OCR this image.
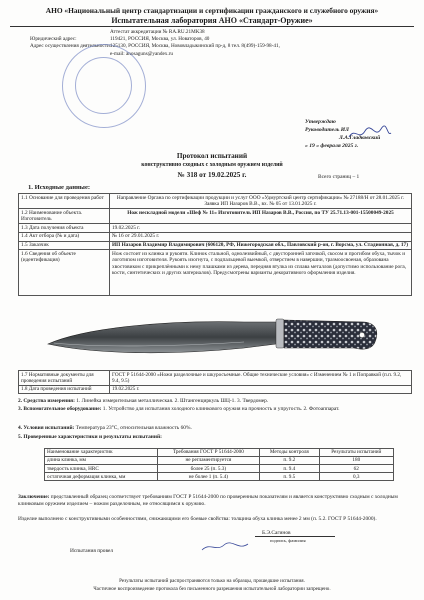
АНО «Национальный центр стандартизации и сертификации гражданского и служебного оружия»
Испытательная лаборатория АНО «Стандарт-Оружие»
Аттестат аккредитации № RA.RU.21MK38
Юридический адрес:	119421, РОССИЯ, Москва, ул. Новаторов, 40
Адрес осуществления деятельности:125130, РОССИЯ, Москва, Нововладыкинский пр-д, 8 тел. 8(499)-159-98-41,
e-mail: anosaguns@yandex.ru
Утверждаю
Руководитель ИЛ
Л.А.Гладковский
« 19 » февраля 2025 г.
Протокол испытаний
конструктивно сходных с холодным оружием изделий
№ 318 от 19.02.2025 г.	Всего страниц – 1
1. Исходные данные:
1.1 Основание для проведения работ	Направление Органа по сертификации продукции и услуг ООО «Удмуртский центр сертификации» № 27188/Н от 28.01.2025 г. Заявка ИП Назаров В.В., вх. № 05 от 13.01.2025 г.
1.2 Наименование объекта. Изготовитель	Нож нескладной модели «Шеф № 11» Изготовитель ИП Назаров В.В., Россия, по ТУ 25.71.13-001-15500049-2025
1.3 Дата получения объекта	19.02.2025 г.
1.4 Акт отбора (№ и дата)	№ 16 от 29.01.2025 г.
1.5 Заказчик	ИП Назаров Владимир Владимирович (606120, РФ, Нижегородская обл., Павловский р-он, г. Ворсма, ул. Стадионная, д. 17)
1.6 Сведения об объекте (идентификация)	Нож состоит из клинка и рукояти. Клинок стальной, однолезвийный, с двусторонней заточкой, скосом и прогибом обуха, тычок и логотипом изготовителя. Рукоять изогнута, с подпальцевой выемкой, отверстием в навершии, тразмоосвоеная, образована хвостовиком с прикреплёнными к нему плашками из дерева, передняя втулка из сплава металлов (допустимо использование рога, кости, синтетических и других материалов). Предусмотрены варианты декоративного оформления изделия.
1.7 Нормативные документы для проведения испытаний	ГОСТ Р 51644-2000 «Ножи разделочные и шкуросъемные. Общие технические условия» с Изменением № 1 и Поправкой (п.п. 9.2, 9.4, 9.5)
1.8 Дата проведения испытаний	19.02.2025 г.
2. Средства измерения: 1. Линейка измерительная металлическая. 2. Штангенциркуль ШЦ-1. 3. Твердомер.
3. Вспомогательное оборудование: 1. Устройство для испытания холодного клинкового оружия на прочность и упругость. 2. Фотоаппарат.
4. Условия испытаний: Температура 23°С, относительная влажность 60%.
5. Проверенные характеристики и результаты испытаний:
Наименование характеристик	Требования ГОСТ Р 51644-2000	Методы контроля	Результаты испытаний
длина клинка, мм	не регламентируется	п. 9.2	180
твердость клинка, HRC	более 25 (п. 5.3)	п. 9.4	62
остаточная деформация клинка, мм	не более 1 (п. 5.4)	п. 9.5	0,3
Заключение: представленный образец соответствует требованиям ГОСТ Р 51644-2000 по проверенным показателям и является конструктивно сходным с холодным клинковым оружием изделием – ножом разделочным, не относящимся к оружию.
Изделие выполнено с конструктивными особенностями, снижающими его боевые свойства: толщина обуха клинка менее 2 мм (п. 5.2. ГОСТ Р 51644-2000).
Испытания провел
Б.Э.Сагинов
подпись, фамилия
Результаты испытаний распространяются только на образцы, прошедшие испытания.
Частичное воспроизведение протокола без письменного разрешения испытательной лаборатории запрещено.
